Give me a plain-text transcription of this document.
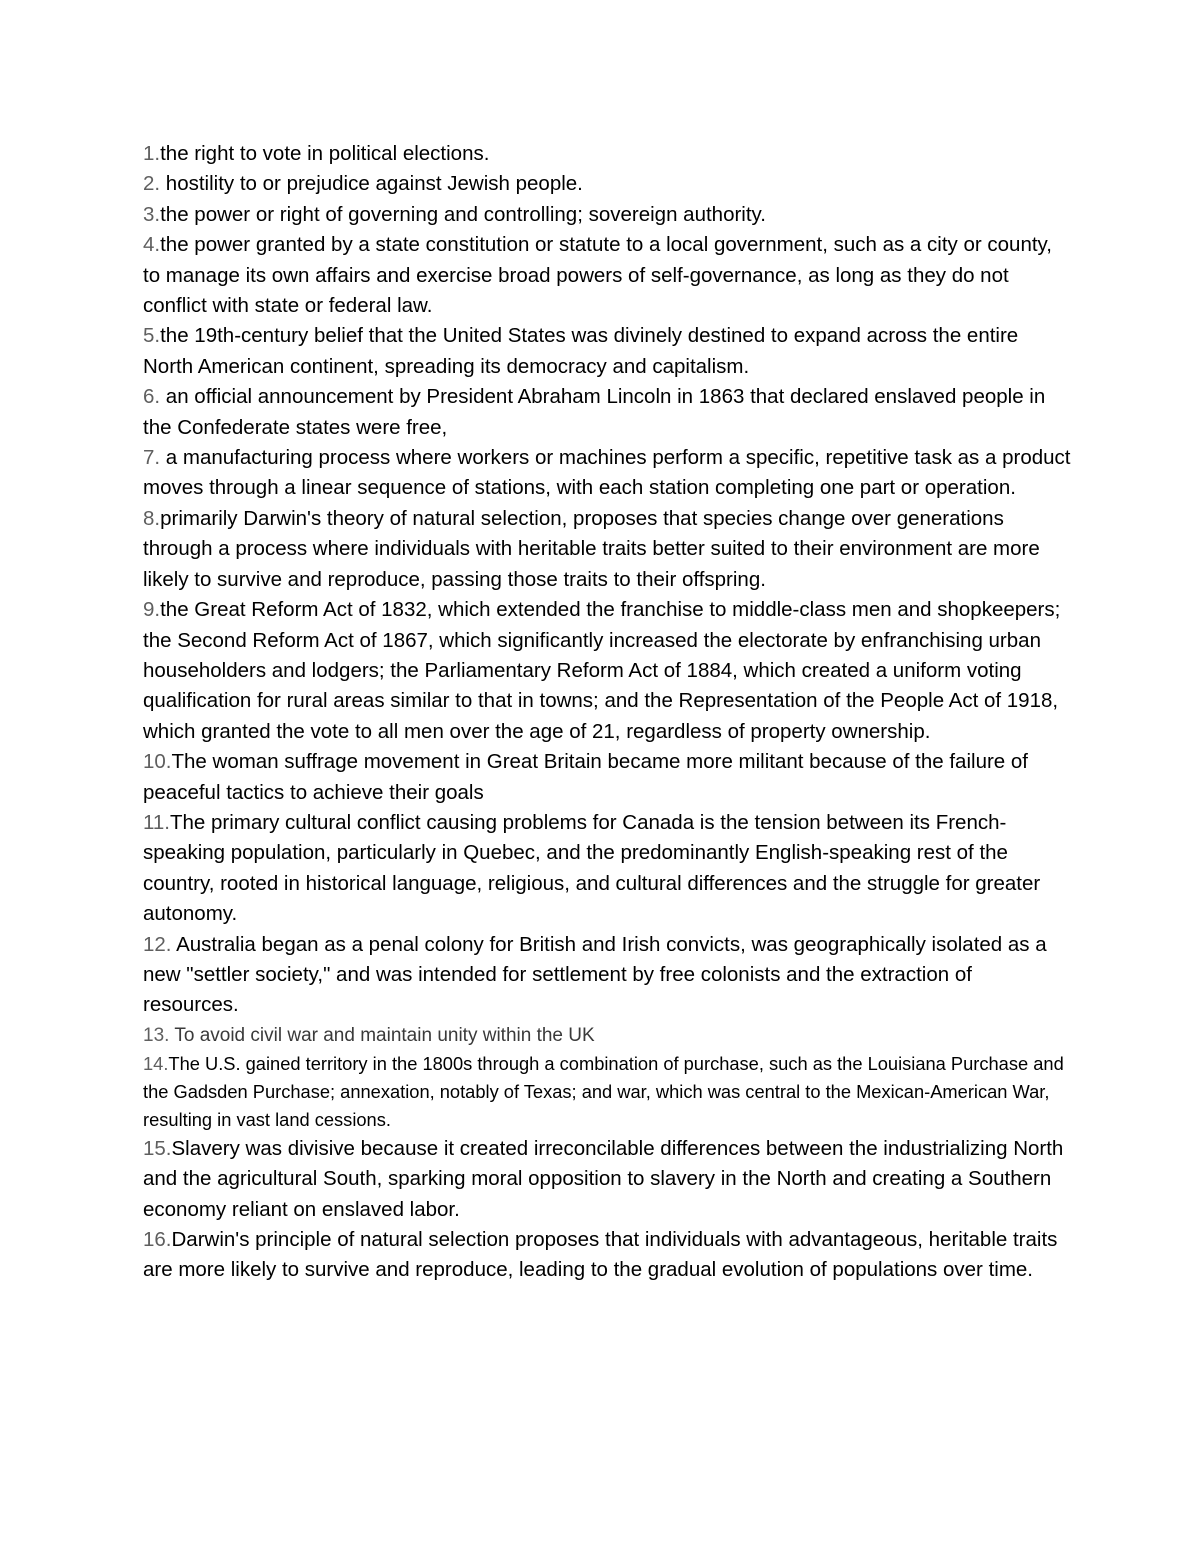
1.the right to vote in political elections.

2. hostility to or prejudice against Jewish people.

3.the power or right of governing and controlling; sovereign authority.

4.the power granted by a state constitution or statute to a local government, such as a city or county, to manage its own affairs and exercise broad powers of self-governance, as long as they do not conflict with state or federal law.

5.the 19th-century belief that the United States was divinely destined to expand across the entire North American continent, spreading its democracy and capitalism.

6. an official announcement by President Abraham Lincoln in 1863 that declared enslaved people in the Confederate states were free,

7. a manufacturing process where workers or machines perform a specific, repetitive task as a product moves through a linear sequence of stations, with each station completing one part or operation.

8.primarily Darwin's theory of natural selection, proposes that species change over generations through a process where individuals with heritable traits better suited to their environment are more likely to survive and reproduce, passing those traits to their offspring.

9.the Great Reform Act of 1832, which extended the franchise to middle-class men and shopkeepers; the Second Reform Act of 1867, which significantly increased the electorate by enfranchising urban householders and lodgers; the Parliamentary Reform Act of 1884, which created a uniform voting qualification for rural areas similar to that in towns; and the Representation of the People Act of 1918, which granted the vote to all men over the age of 21, regardless of property ownership.

10.The woman suffrage movement in Great Britain became more militant because of the failure of peaceful tactics to achieve their goals

11.The primary cultural conflict causing problems for Canada is the tension between its French-speaking population, particularly in Quebec, and the predominantly English-speaking rest of the country, rooted in historical language, religious, and cultural differences and the struggle for greater autonomy.

12. Australia began as a penal colony for British and Irish convicts, was geographically isolated as a new "settler society," and was intended for settlement by free colonists and the extraction of resources.

13. To avoid civil war and maintain unity within the UK

14.The U.S. gained territory in the 1800s through a combination of purchase, such as the Louisiana Purchase and the Gadsden Purchase; annexation, notably of Texas; and war, which was central to the Mexican-American War, resulting in vast land cessions.

15.Slavery was divisive because it created irreconcilable differences between the industrializing North and the agricultural South, sparking moral opposition to slavery in the North and creating a Southern economy reliant on enslaved labor.

16.Darwin's principle of natural selection proposes that individuals with advantageous, heritable traits are more likely to survive and reproduce, leading to the gradual evolution of populations over time.
